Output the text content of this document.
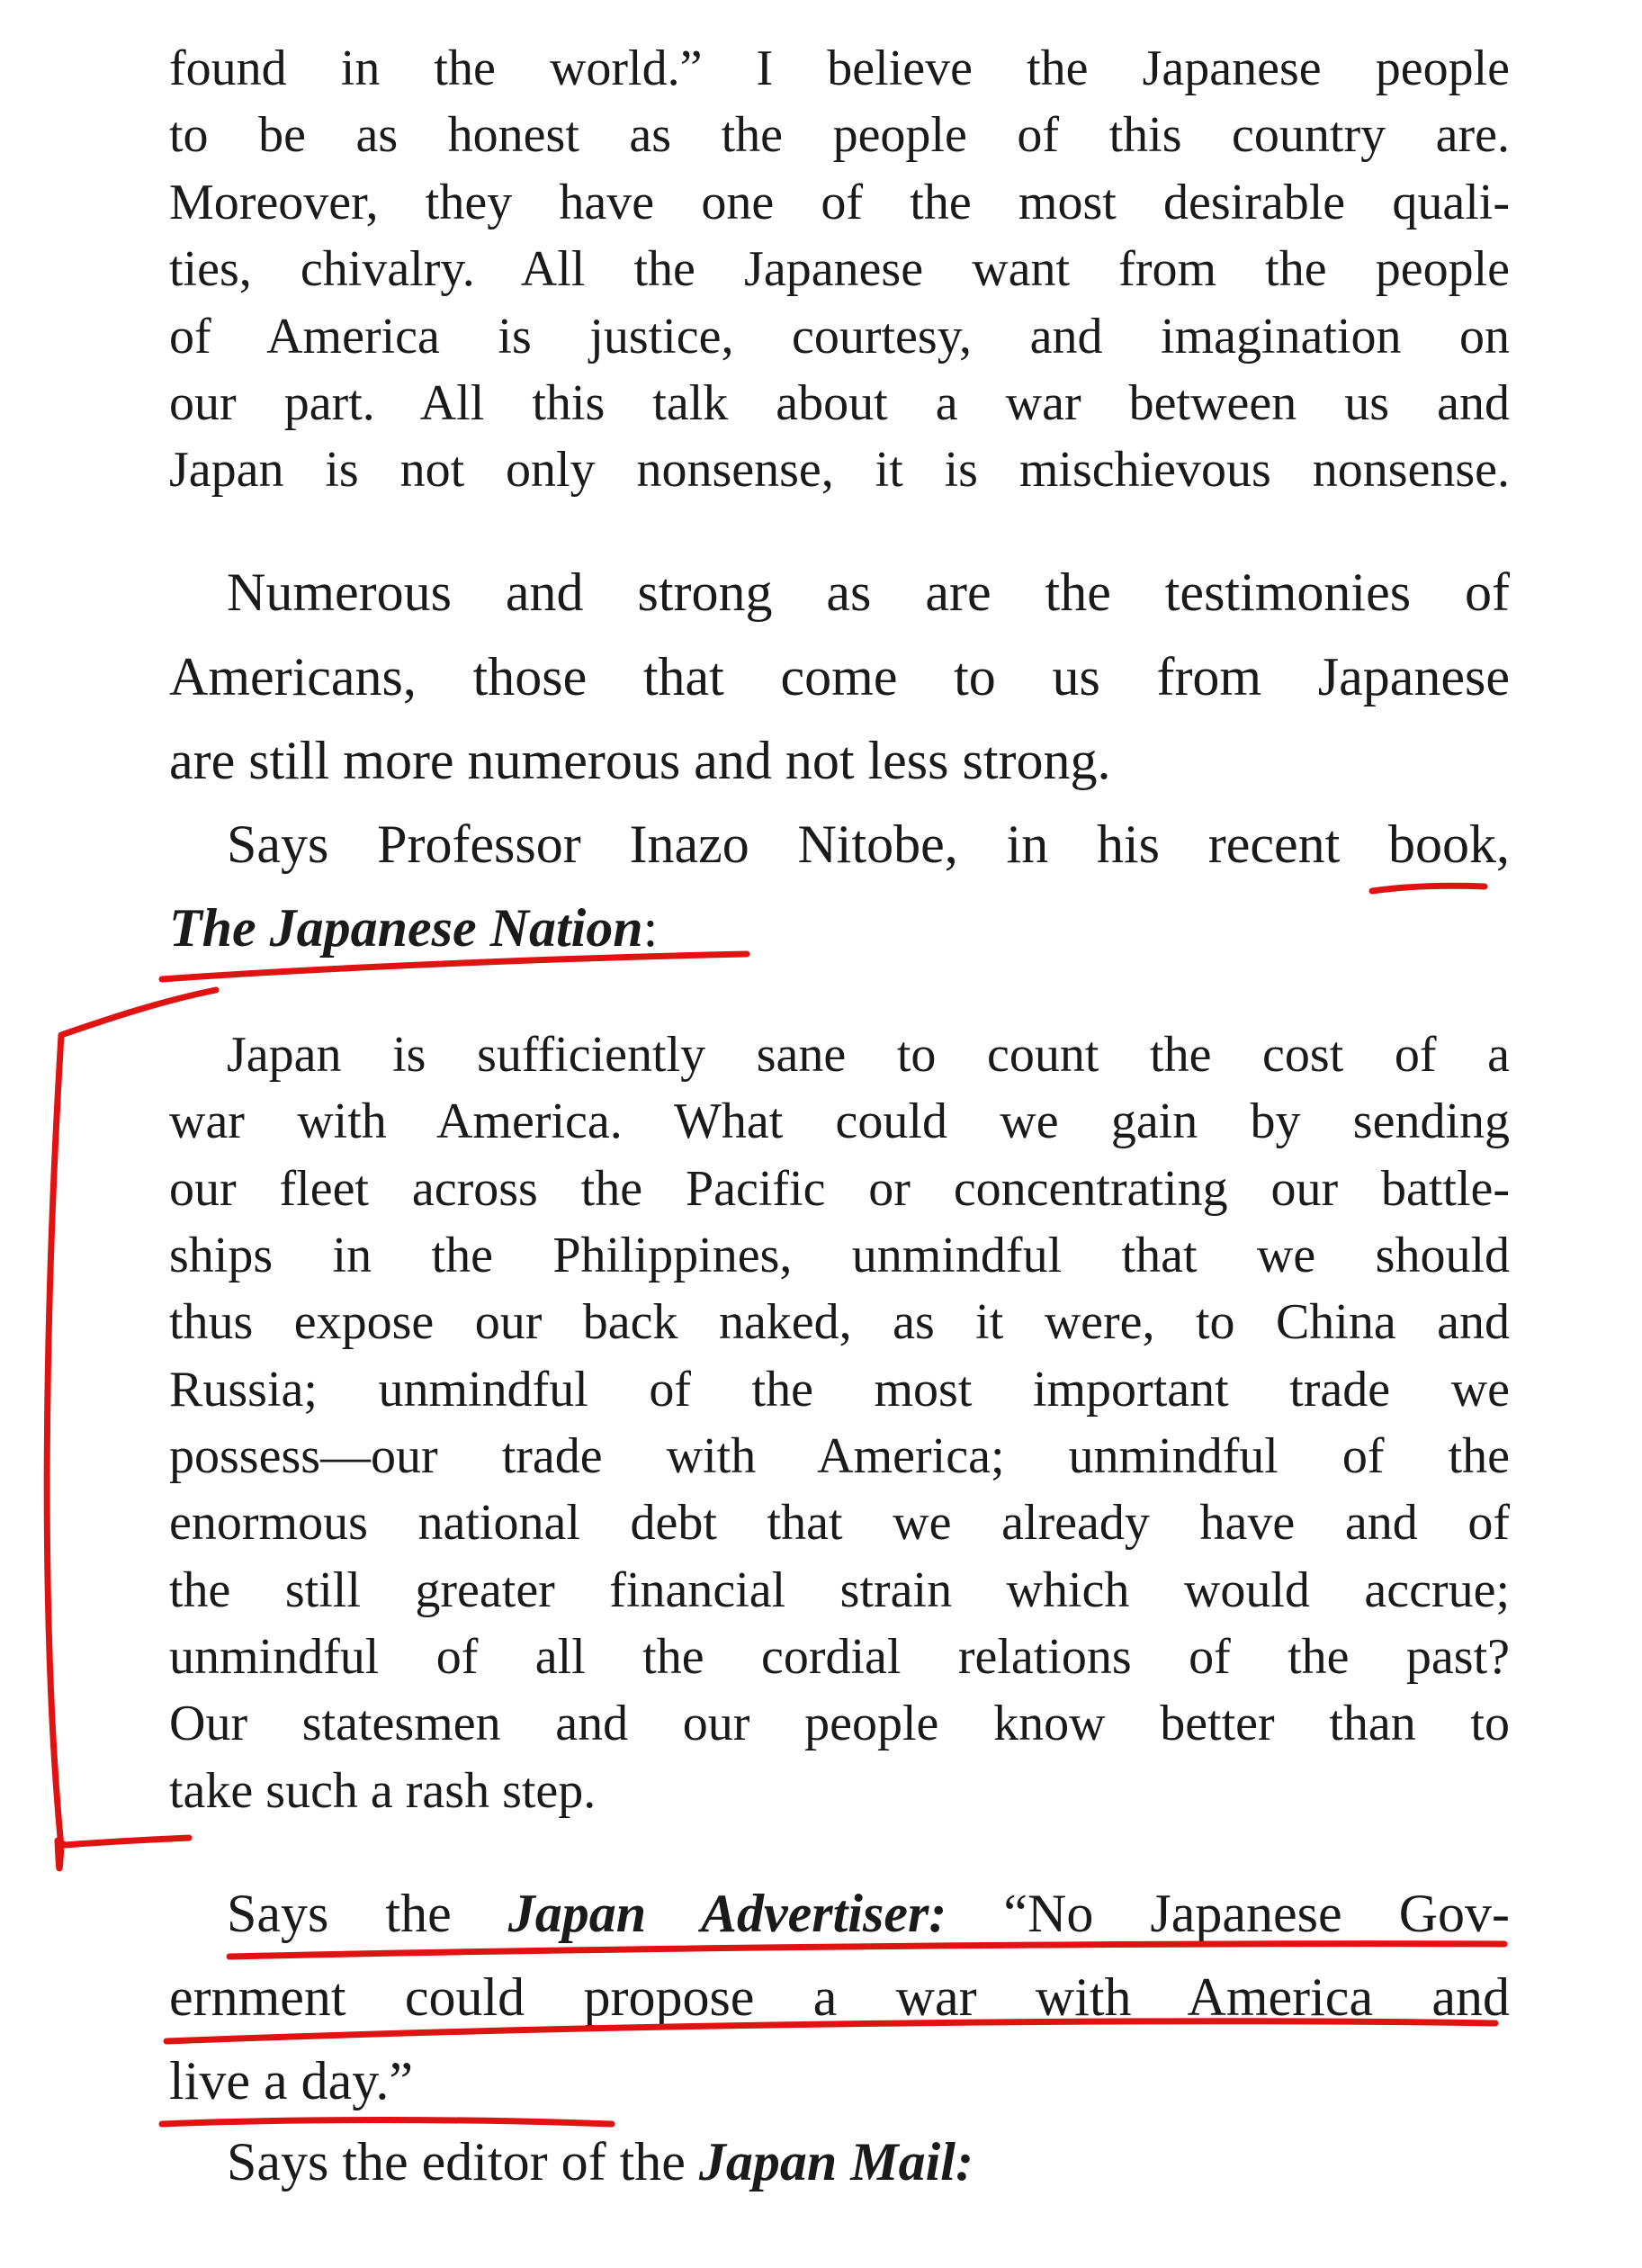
found in the world.” I believe the Japanese people
to be as honest as the people of this country are.
Moreover, they have one of the most desirable quali-
ties, chivalry. All the Japanese want from the people
of America is justice, courtesy, and imagination on
our part. All this talk about a war between us and
Japan is not only nonsense, it is mischievous nonsense.
Numerous and strong as are the testimonies of
Americans, those that come to us from Japanese
are still more numerous and not less strong.
Says Professor Inazo Nitobe, in his recent book,
The Japanese Nation:
Japan is sufficiently sane to count the cost of a
war with America. What could we gain by sending
our fleet across the Pacific or concentrating our battle-
ships in the Philippines, unmindful that we should
thus expose our back naked, as it were, to China and
Russia; unmindful of the most important trade we
possess—our trade with America; unmindful of the
enormous national debt that we already have and of
the still greater financial strain which would accrue;
unmindful of all the cordial relations of the past?
Our statesmen and our people know better than to
take such a rash step.
Says the Japan Advertiser: “No Japanese Gov-
ernment could propose a war with America and
live a day.”
Says the editor of the Japan Mail:
